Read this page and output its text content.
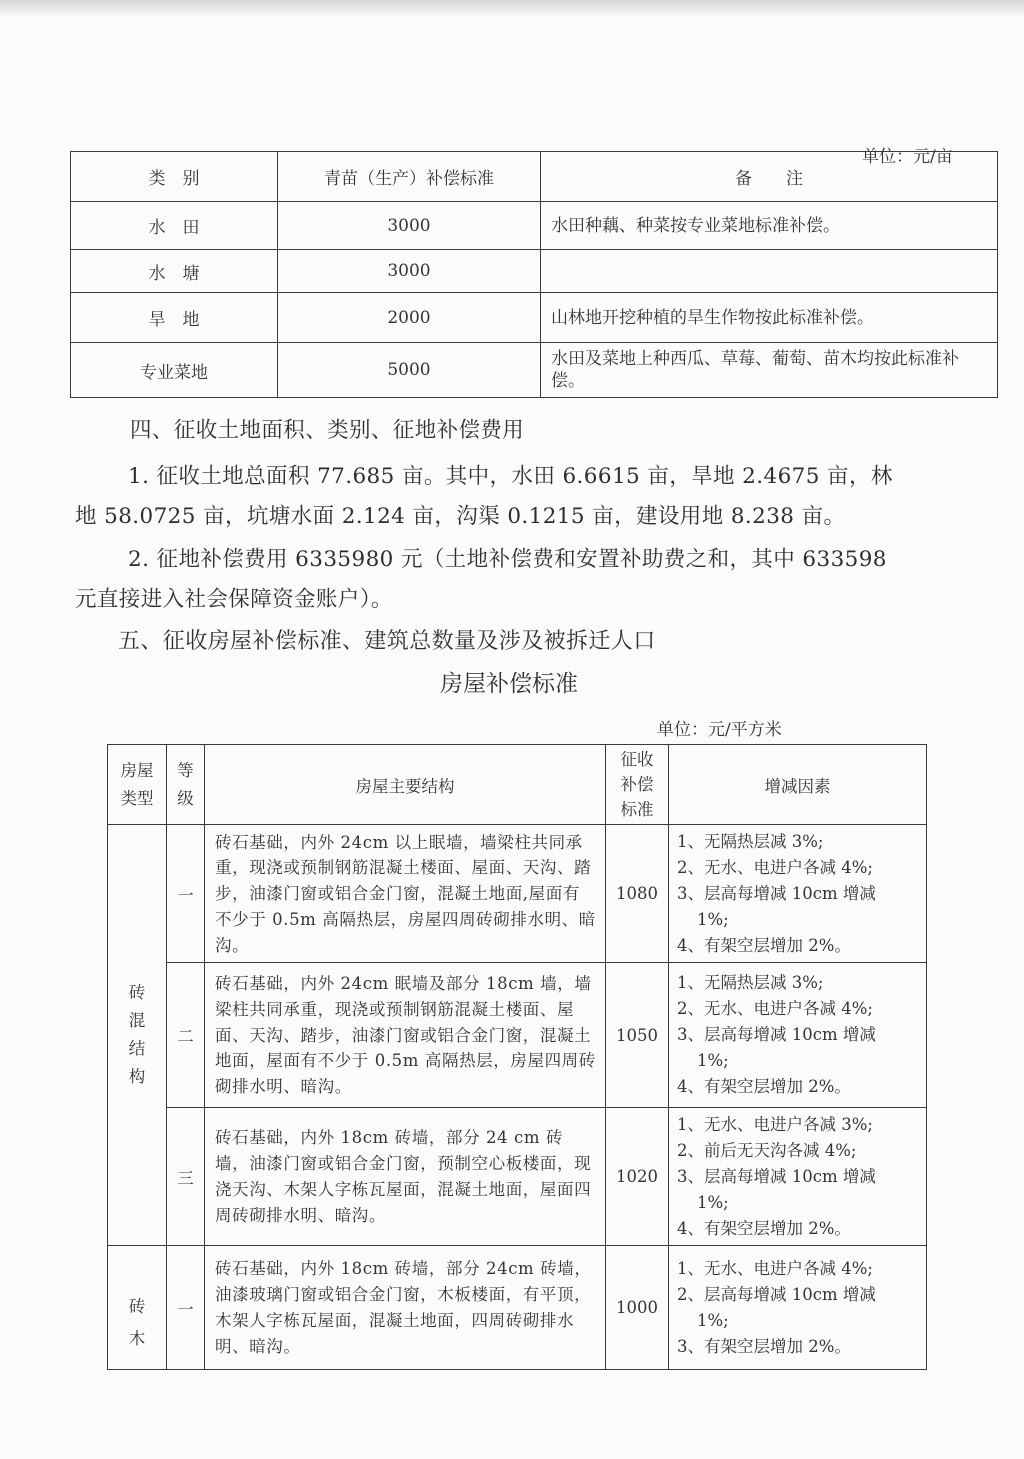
单位：元/亩
类　别	青苗（生产）补偿标准	备　　注
水　田	3000	水田种藕、种菜按专业菜地标准补偿。
水　塘	3000	
旱　地	2000	山林地开挖种植的旱生作物按此标准补偿。
专业菜地	5000	水田及菜地上种西瓜、草莓、葡萄、苗木均按此标准补偿。
四、征收土地面积、类别、征地补偿费用
1. 征收土地总面积 77.685 亩。其中，水田 6.6615 亩，旱地 2.4675 亩，林
地 58.0725 亩，坑塘水面 2.124 亩，沟渠 0.1215 亩，建设用地 8.238 亩。
2. 征地补偿费用 6335980 元（土地补偿费和安置补助费之和，其中 633598
元直接进入社会保障资金账户）。
五、征收房屋补偿标准、建筑总数量及涉及被拆迁人口
房屋补偿标准
单位：元/平方米
房屋类型	等级	房屋主要结构	征收补偿标准	增减因素
砖混结构	一	砖石基础，内外 24cm 以上眠墙，墙梁柱共同承重，现浇或预制钢筋混凝土楼面、屋面、天沟、踏步，油漆门窗或铝合金门窗，混凝土地面,屋面有不少于 0.5m 高隔热层，房屋四周砖砌排水明、暗沟。	1080	1、无隔热层减 3%;
2、无水、电进户各减 4%;
3、层高每增减 10cm 增减
1%;
4、有架空层增加 2%。

	二	砖石基础，内外 24cm 眠墙及部分 18cm 墙，墙梁柱共同承重，现浇或预制钢筋混凝土楼面、屋面、天沟、踏步，油漆门窗或铝合金门窗，混凝土地面，屋面有不少于 0.5m 高隔热层，房屋四周砖砌排水明、暗沟。	1050	1、无隔热层减 3%;
2、无水、电进户各减 4%;
3、层高每增减 10cm 增减
1%;
4、有架空层增加 2%。

	三	砖石基础，内外 18cm 砖墙，部分 24 cm 砖墙，油漆门窗或铝合金门窗，预制空心板楼面，现浇天沟、木架人字栋瓦屋面，混凝土地面，屋面四周砖砌排水明、暗沟。	1020	1、无水、电进户各减 3%;
2、前后无天沟各减 4%;
3、层高每增减 10cm 增减
1%;
4、有架空层增加 2%。

砖木	一	砖石基础，内外 18cm 砖墙，部分 24cm 砖墙，油漆玻璃门窗或铝合金门窗，木板楼面，有平顶，木架人字栋瓦屋面，混凝土地面，四周砖砌排水明、暗沟。	1000	1、无水、电进户各减 4%;
2、层高每增减 10cm 增减
1%;
3、有架空层增加 2%。
